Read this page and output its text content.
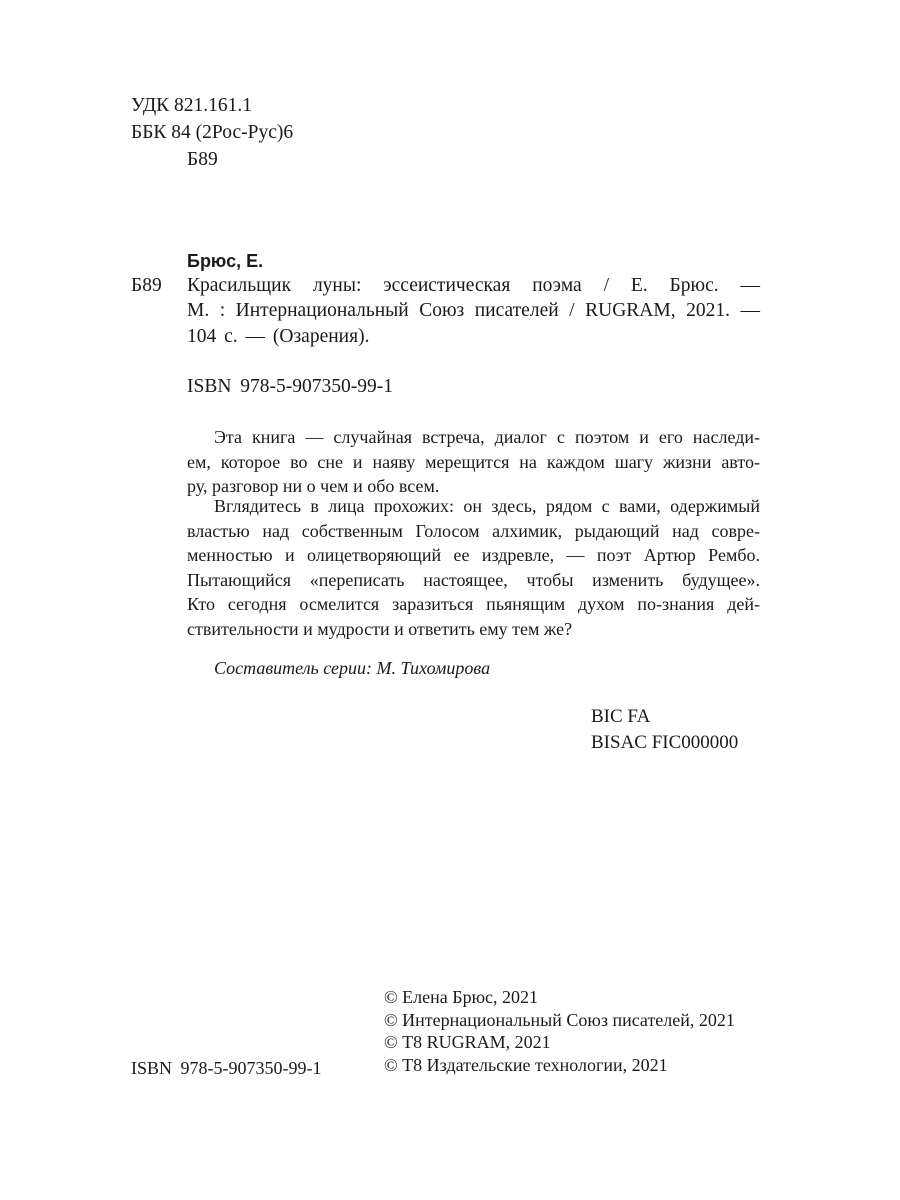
УДК 821.161.1
ББК 84 (2Рос-Рус)6
Б89
Брюс, Е.
Б89 Красильщик луны: эссеистическая поэма / Е. Брюс. —
М. : Интернациональный Союз писателей / RUGRAM, 2021. —
104 с. — (Озарения).
ISBN 978-5-907350-99-1
Эта книга — случайная встреча, диалог с поэтом и его наследи-
ем, которое во сне и наяву мерещится на каждом шагу жизни авто-
ру, разговор ни о чем и обо всем.
Вглядитесь в лица прохожих: он здесь, рядом с вами, одержимый
властью над собственным Голосом алхимик, рыдающий над совре-
менностью и олицетворяющий ее издревле, — поэт Артюр Рембо.
Пытающийся «переписать настоящее, чтобы изменить будущее».
Кто сегодня осмелится заразиться пьянящим духом по-знания дей-
ствительности и мудрости и ответить ему тем же?
Составитель серии: М. Тихомирова
BIC FA
BISAC FIC000000
ISBN 978-5-907350-99-1
© Елена Брюс, 2021
© Интернациональный Союз писателей, 2021
© Т8 RUGRAM, 2021
© Т8 Издательские технологии, 2021
